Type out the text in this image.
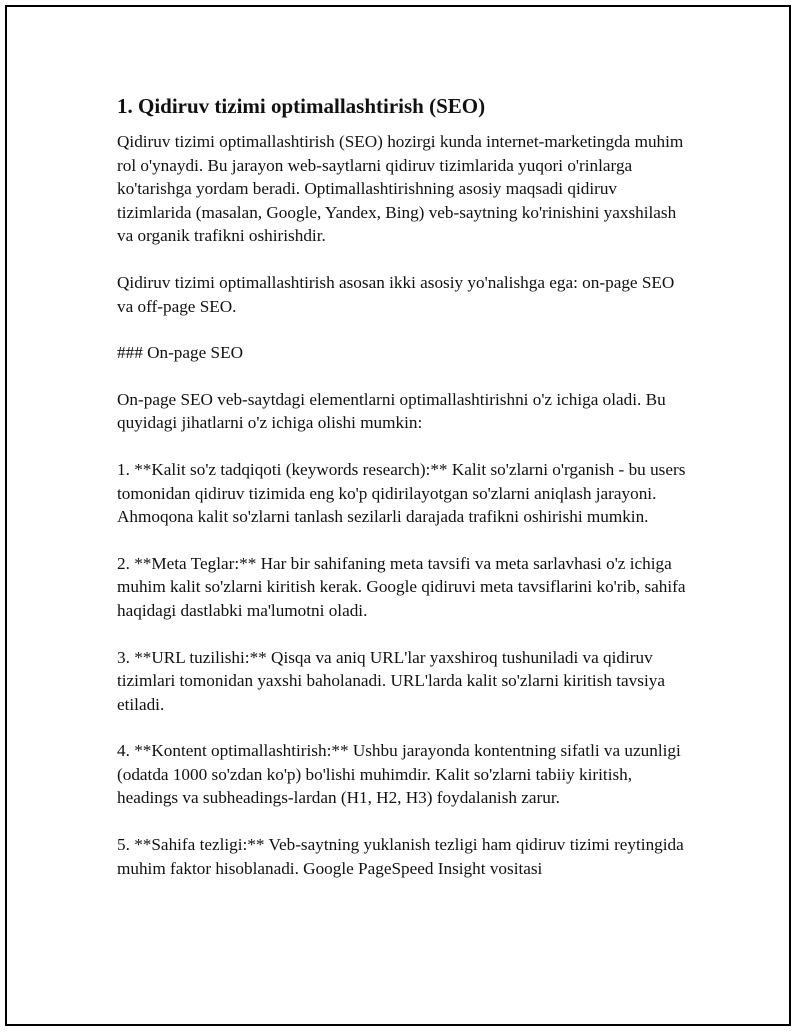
1. Qidiruv tizimi optimallashtirish (SEO)

Qidiruv tizimi optimallashtirish (SEO) hozirgi kunda internet-marketingda muhim rol o'ynaydi. Bu jarayon web-saytlarni qidiruv tizimlarida yuqori o'rinlarga ko'tarishga yordam beradi. Optimallashtirishning asosiy maqsadi qidiruv tizimlarida (masalan, Google, Yandex, Bing) veb-saytning ko'rinishini yaxshilash va organik trafikni oshirishdir.

Qidiruv tizimi optimallashtirish asosan ikki asosiy yo'nalishga ega: on-page SEO va off-page SEO.

### On-page SEO

On-page SEO veb-saytdagi elementlarni optimallashtirishni o'z ichiga oladi. Bu quyidagi jihatlarni o'z ichiga olishi mumkin:

1. **Kalit so'z tadqiqoti (keywords research):** Kalit so'zlarni o'rganish - bu users tomonidan qidiruv tizimida eng ko'p qidirilayotgan so'zlarni aniqlash jarayoni. Ahmoqona kalit so'zlarni tanlash sezilarli darajada trafikni oshirishi mumkin.

2. **Meta Teglar:** Har bir sahifaning meta tavsifi va meta sarlavhasi o'z ichiga muhim kalit so'zlarni kiritish kerak. Google qidiruvi meta tavsiflarini ko'rib, sahifa haqidagi dastlabki ma'lumotni oladi.

3. **URL tuzilishi:** Qisqa va aniq URL'lar yaxshiroq tushuniladi va qidiruv tizimlari tomonidan yaxshi baholanadi. URL'larda kalit so'zlarni kiritish tavsiya etiladi.

4. **Kontent optimallashtirish:** Ushbu jarayonda kontentning sifatli va uzunligi (odatda 1000 so'zdan ko'p) bo'lishi muhimdir. Kalit so'zlarni tabiiy kiritish, headings va subheadings-lardan (H1, H2, H3) foydalanish zarur.

5. **Sahifa tezligi:** Veb-saytning yuklanish tezligi ham qidiruv tizimi reytingida muhim faktor hisoblanadi. Google PageSpeed Insight vositasi
